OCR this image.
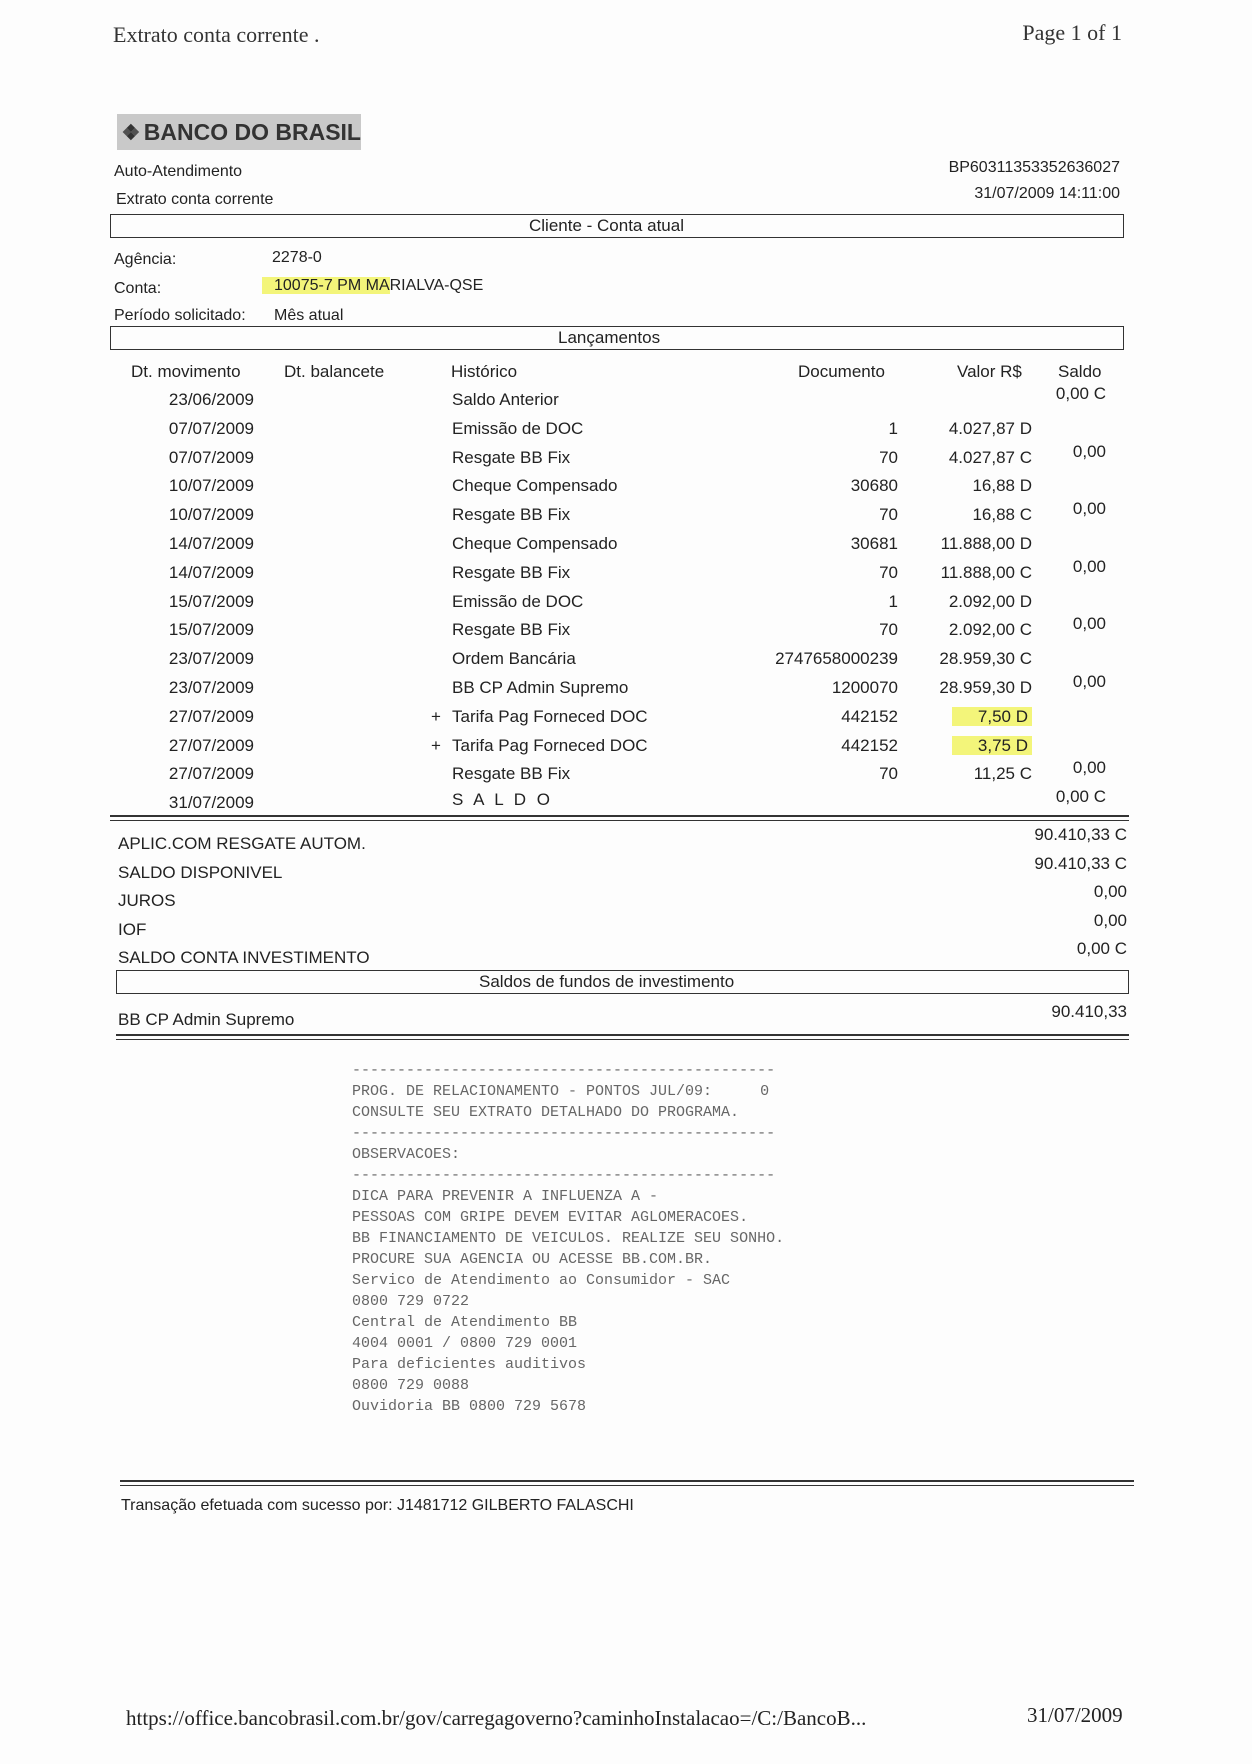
Extrato conta corrente .	Page 1 of 1
BANCO DO BRASIL
Auto-Atendimento
Extrato conta corrente
BP60311353352636027
31/07/2009 14:11:00
Cliente - Conta atual
Agência:	2278-0
Conta:	10075-7 PM MARIALVA-QSE
Período solicitado: Mês atual
Lançamentos
Dt. movimento	Dt. balancete	Histórico	Documento	Valor R$ Saldo
23/06/2009	Saldo Anterior	0,00 C
07/07/2009	Emissão de DOC	1	4.027,87 D
07/07/2009	Resgate BB Fix	70	4.027,87 C	0,00
10/07/2009	Cheque Compensado	30680	16,88 D
10/07/2009	Resgate BB Fix	70	16,88 C	0,00
14/07/2009	Cheque Compensado	30681	11.888,00 D
14/07/2009	Resgate BB Fix	70	11.888,00 C	0,00
15/07/2009	Emissão de DOC	1	2.092,00 D
15/07/2009	Resgate BB Fix	70	2.092,00 C	0,00
23/07/2009	Ordem Bancária	2747658000239	28.959,30 C
23/07/2009	BB CP Admin Supremo	1200070	28.959,30 D	0,00
27/07/2009	+ Tarifa Pag Forneced DOC	442152	7,50 D
27/07/2009	+ Tarifa Pag Forneced DOC	442152	3,75 D
27/07/2009	Resgate BB Fix	70	11,25 C	0,00
31/07/2009	S A L D O	0,00 C
APLIC.COM RESGATE AUTOM.	90.410,33 C
SALDO DISPONIVEL	90.410,33 C
JUROS	0,00
IOF	0,00
SALDO CONTA INVESTIMENTO	0,00 C
Saldos de fundos de investimento
BB CP Admin Supremo	90.410,33
-----------------------------------------------
PROG. DE RELACIONAMENTO - PONTOS JUL/09:	0
CONSULTE SEU EXTRATO DETALHADO DO PROGRAMA.
-----------------------------------------------
OBSERVACOES:
-----------------------------------------------
DICA PARA PREVENIR A INFLUENZA A -
PESSOAS COM GRIPE DEVEM EVITAR AGLOMERACOES.
BB FINANCIAMENTO DE VEICULOS. REALIZE SEU SONHO.
PROCURE SUA AGENCIA OU ACESSE BB.COM.BR.
Servico de Atendimento ao Consumidor - SAC
0800 729 0722
Central de Atendimento BB
4004 0001 / 0800 729 0001
Para deficientes auditivos
0800 729 0088
Ouvidoria BB 0800 729 5678
Transação efetuada com sucesso por: J1481712 GILBERTO FALASCHI
https://office.bancobrasil.com.br/gov/carregagoverno?caminhoInstalacao=/C:/BancoB...	31/07/2009
